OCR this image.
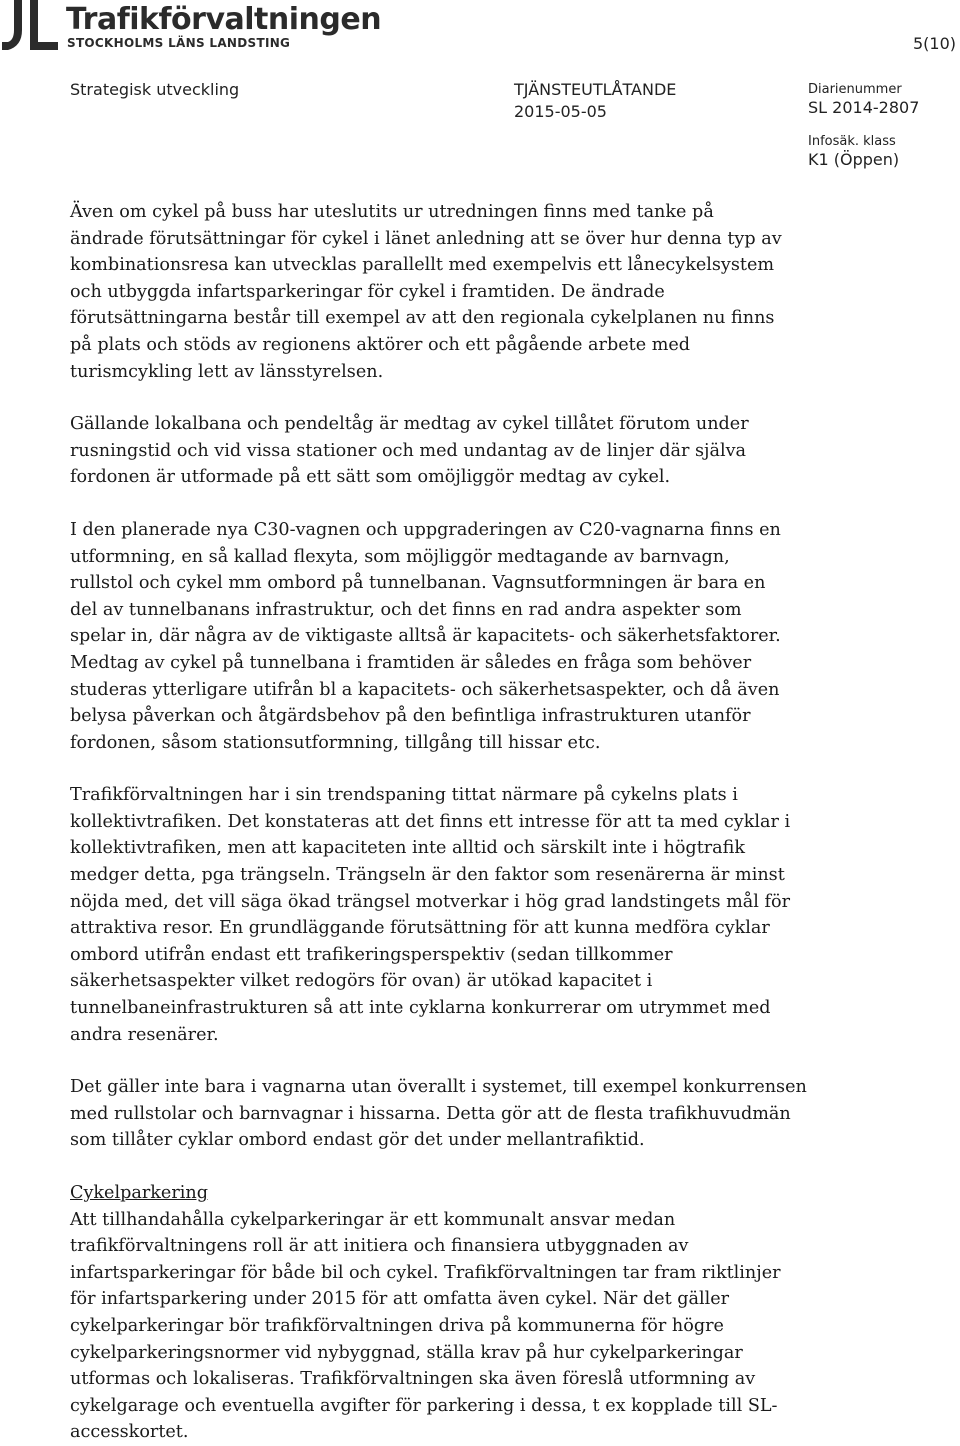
Trafikförvaltningen
STOCKHOLMS LÄNS LANDSTING	5(10)
Strategisk utveckling	TJÄNSTEUTLÅTANDE
2015-05-05
Diarienummer
SL 2014-2807
Infosäk. klass
K1 (Öppen)
Även om cykel på buss har uteslutits ur utredningen finns med tanke på
ändrade förutsättningar för cykel i länet anledning att se över hur denna typ av
kombinationsresa kan utvecklas parallellt med exempelvis ett lånecykelsystem
och utbyggda infartsparkeringar för cykel i framtiden. De ändrade
förutsättningarna består till exempel av att den regionala cykelplanen nu finns
på plats och stöds av regionens aktörer och ett pågående arbete med
turismcykling lett av länsstyrelsen.
Gällande lokalbana och pendeltåg är medtag av cykel tillåtet förutom under
rusningstid och vid vissa stationer och med undantag av de linjer där själva
fordonen är utformade på ett sätt som omöjliggör medtag av cykel.
I den planerade nya C30-vagnen och uppgraderingen av C20-vagnarna finns en
utformning, en så kallad flexyta, som möjliggör medtagande av barnvagn,
rullstol och cykel mm ombord på tunnelbanan. Vagnsutformningen är bara en
del av tunnelbanans infrastruktur, och det finns en rad andra aspekter som
spelar in, där några av de viktigaste alltså är kapacitets- och säkerhetsfaktorer.
Medtag av cykel på tunnelbana i framtiden är således en fråga som behöver
studeras ytterligare utifrån bl a kapacitets- och säkerhetsaspekter, och då även
belysa påverkan och åtgärdsbehov på den befintliga infrastrukturen utanför
fordonen, såsom stationsutformning, tillgång till hissar etc.
Trafikförvaltningen har i sin trendspaning tittat närmare på cykelns plats i
kollektivtrafiken. Det konstateras att det finns ett intresse för att ta med cyklar i
kollektivtrafiken, men att kapaciteten inte alltid och särskilt inte i högtrafik
medger detta, pga trängseln. Trängseln är den faktor som resenärerna är minst
nöjda med, det vill säga ökad trängsel motverkar i hög grad landstingets mål för
attraktiva resor. En grundläggande förutsättning för att kunna medföra cyklar
ombord utifrån endast ett trafikeringsperspektiv (sedan tillkommer
säkerhetsaspekter vilket redogörs för ovan) är utökad kapacitet i
tunnelbaneinfrastrukturen så att inte cyklarna konkurrerar om utrymmet med
andra resenärer.
Det gäller inte bara i vagnarna utan överallt i systemet, till exempel konkurrensen
med rullstolar och barnvagnar i hissarna. Detta gör att de flesta trafikhuvudmän
som tillåter cyklar ombord endast gör det under mellantrafiktid.
Cykelparkering
Att tillhandahålla cykelparkeringar är ett kommunalt ansvar medan
trafikförvaltningens roll är att initiera och finansiera utbyggnaden av
infartsparkeringar för både bil och cykel. Trafikförvaltningen tar fram riktlinjer
för infartsparkering under 2015 för att omfatta även cykel. När det gäller
cykelparkeringar bör trafikförvaltningen driva på kommunerna för högre
cykelparkeringsnormer vid nybyggnad, ställa krav på hur cykelparkeringar
utformas och lokaliseras. Trafikförvaltningen ska även föreslå utformning av
cykelgarage och eventuella avgifter för parkering i dessa, t ex kopplade till SL-
accesskortet.
